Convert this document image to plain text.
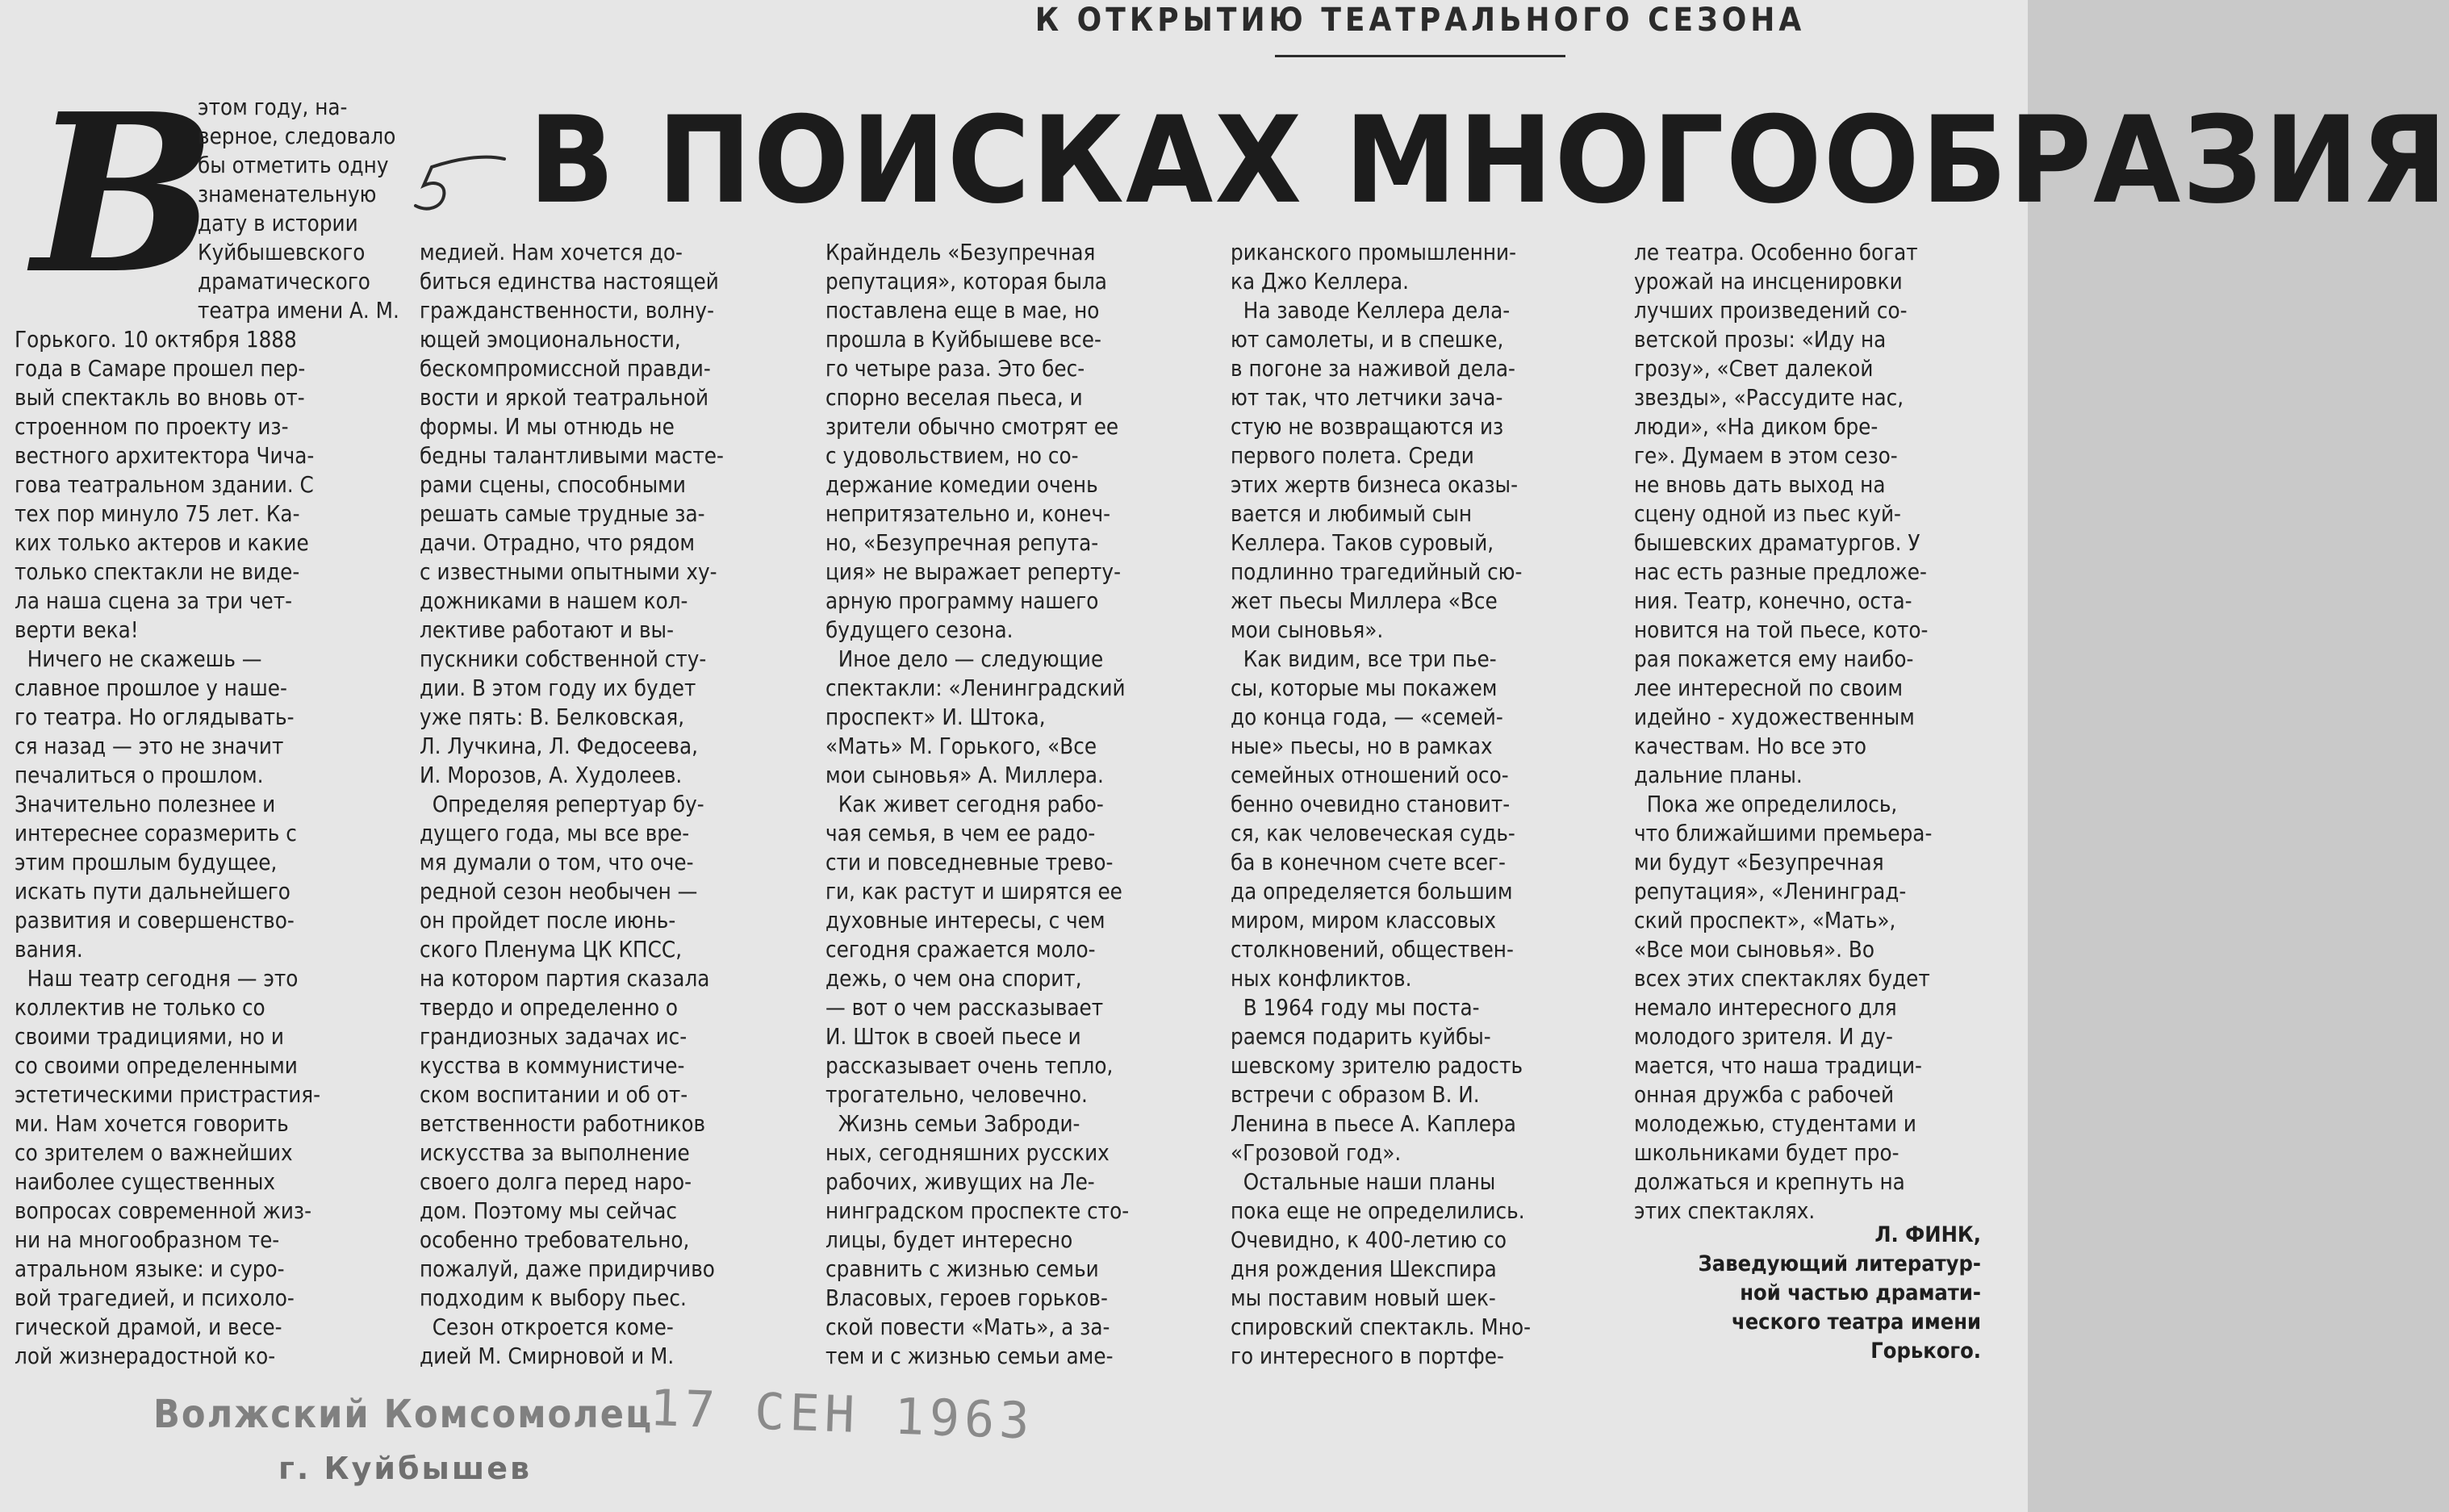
К ОТКРЫТИЮ ТЕАТРАЛЬНОГО СЕЗОНА
В ПОИСКАХ МНОГООБРАЗИЯ
В
этом году, на-
верное, следовало
бы отметить одну
знаменательную
дату в истории
Куйбышевского
драматического
театра имени А. М.
Горького. 10 октября 1888
года в Самаре прошел пер-
вый спектакль во вновь от-
строенном по проекту из-
вестного архитектора Чича-
гова театральном здании. С
тех пор минуло 75 лет. Ка-
ких только актеров и какие
только спектакли не виде-
ла наша сцена за три чет-
верти века!
Ничего не скажешь —
славное прошлое у наше-
го театра. Но оглядывать-
ся назад — это не значит
печалиться о прошлом.
Значительно полезнее и
интереснее соразмерить с
этим прошлым будущее,
искать пути дальнейшего
развития и совершенство-
вания.
Наш театр сегодня — это
коллектив не только со
своими традициями, но и
со своими определенными
эстетическими пристрастия-
ми. Нам хочется говорить
со зрителем о важнейших
наиболее существенных
вопросах современной жиз-
ни на многообразном те-
атральном языке: и суро-
вой трагедией, и психоло-
гической драмой, и весе-
лой жизнерадостной ко-
медией. Нам хочется до-
биться единства настоящей
гражданственности, волну-
ющей эмоциональности,
бескомпромиссной правди-
вости и яркой театральной
формы. И мы отнюдь не
бедны талантливыми масте-
рами сцены, способными
решать самые трудные за-
дачи. Отрадно, что рядом
с известными опытными ху-
дожниками в нашем кол-
лективе работают и вы-
пускники собственной сту-
дии. В этом году их будет
уже пять: В. Белковская,
Л. Лучкина, Л. Федосеева,
И. Морозов, А. Худолеев.
Определяя репертуар бу-
дущего года, мы все вре-
мя думали о том, что оче-
редной сезон необычен —
он пройдет после июнь-
ского Пленума ЦК КПСС,
на котором партия сказала
твердо и определенно о
грандиозных задачах ис-
кусства в коммунистиче-
ском воспитании и об от-
ветственности работников
искусства за выполнение
своего долга перед наро-
дом. Поэтому мы сейчас
особенно требовательно,
пожалуй, даже придирчиво
подходим к выбору пьес.
Сезон откроется коме-
дией М. Смирновой и М.
Крайндель «Безупречная
репутация», которая была
поставлена еще в мае, но
прошла в Куйбышеве все-
го четыре раза. Это бес-
спорно веселая пьеса, и
зрители обычно смотрят ее
с удовольствием, но со-
держание комедии очень
непритязательно и, конеч-
но, «Безупречная репута-
ция» не выражает реперту-
арную программу нашего
будущего сезона.
Иное дело — следующие
спектакли: «Ленинградский
проспект» И. Штока,
«Мать» М. Горького, «Все
мои сыновья» А. Миллера.
Как живет сегодня рабо-
чая семья, в чем ее радо-
сти и повседневные трево-
ги, как растут и ширятся ее
духовные интересы, с чем
сегодня сражается моло-
дежь, о чем она спорит,
— вот о чем рассказывает
И. Шток в своей пьесе и
рассказывает очень тепло,
трогательно, человечно.
Жизнь семьи Заброди-
ных, сегодняшних русских
рабочих, живущих на Ле-
нинградском проспекте сто-
лицы, будет интересно
сравнить с жизнью семьи
Власовых, героев горьков-
ской повести «Мать», а за-
тем и с жизнью семьи аме-
риканского промышленни-
ка Джо Келлера.
На заводе Келлера дела-
ют самолеты, и в спешке,
в погоне за наживой дела-
ют так, что летчики зача-
стую не возвращаются из
первого полета. Среди
этих жертв бизнеса оказы-
вается и любимый сын
Келлера. Таков суровый,
подлинно трагедийный сю-
жет пьесы Миллера «Все
мои сыновья».
Как видим, все три пье-
сы, которые мы покажем
до конца года, — «семей-
ные» пьесы, но в рамках
семейных отношений осо-
бенно очевидно становит-
ся, как человеческая судь-
ба в конечном счете всег-
да определяется большим
миром, миром классовых
столкновений, обществен-
ных конфликтов.
В 1964 году мы поста-
раемся подарить куйбы-
шевскому зрителю радость
встречи с образом В. И.
Ленина в пьесе А. Каплера
«Грозовой год».
Остальные наши планы
пока еще не определились.
Очевидно, к 400-летию со
дня рождения Шекспира
мы поставим новый шек-
спировский спектакль. Мно-
го интересного в портфе-
ле театра. Особенно богат
урожай на инсценировки
лучших произведений со-
ветской прозы: «Иду на
грозу», «Свет далекой
звезды», «Рассудите нас,
люди», «На диком бре-
ге». Думаем в этом сезо-
не вновь дать выход на
сцену одной из пьес куй-
бышевских драматургов. У
нас есть разные предложе-
ния. Театр, конечно, оста-
новится на той пьесе, кото-
рая покажется ему наибо-
лее интересной по своим
идейно - художественным
качествам. Но все это
дальние планы.
Пока же определилось,
что ближайшими премьера-
ми будут «Безупречная
репутация», «Ленинград-
ский проспект», «Мать»,
«Все мои сыновья». Во
всех этих спектаклях будет
немало интересного для
молодого зрителя. И ду-
мается, что наша традици-
онная дружба с рабочей
молодежью, студентами и
школьниками будет про-
должаться и крепнуть на
этих спектаклях.
Л. ФИНК,
Заведующий литератур-
ной частью драмати-
ческого театра имени
Горького.
Волжский Комсомолец
г. Куйбышев
17 СЕН 1963
